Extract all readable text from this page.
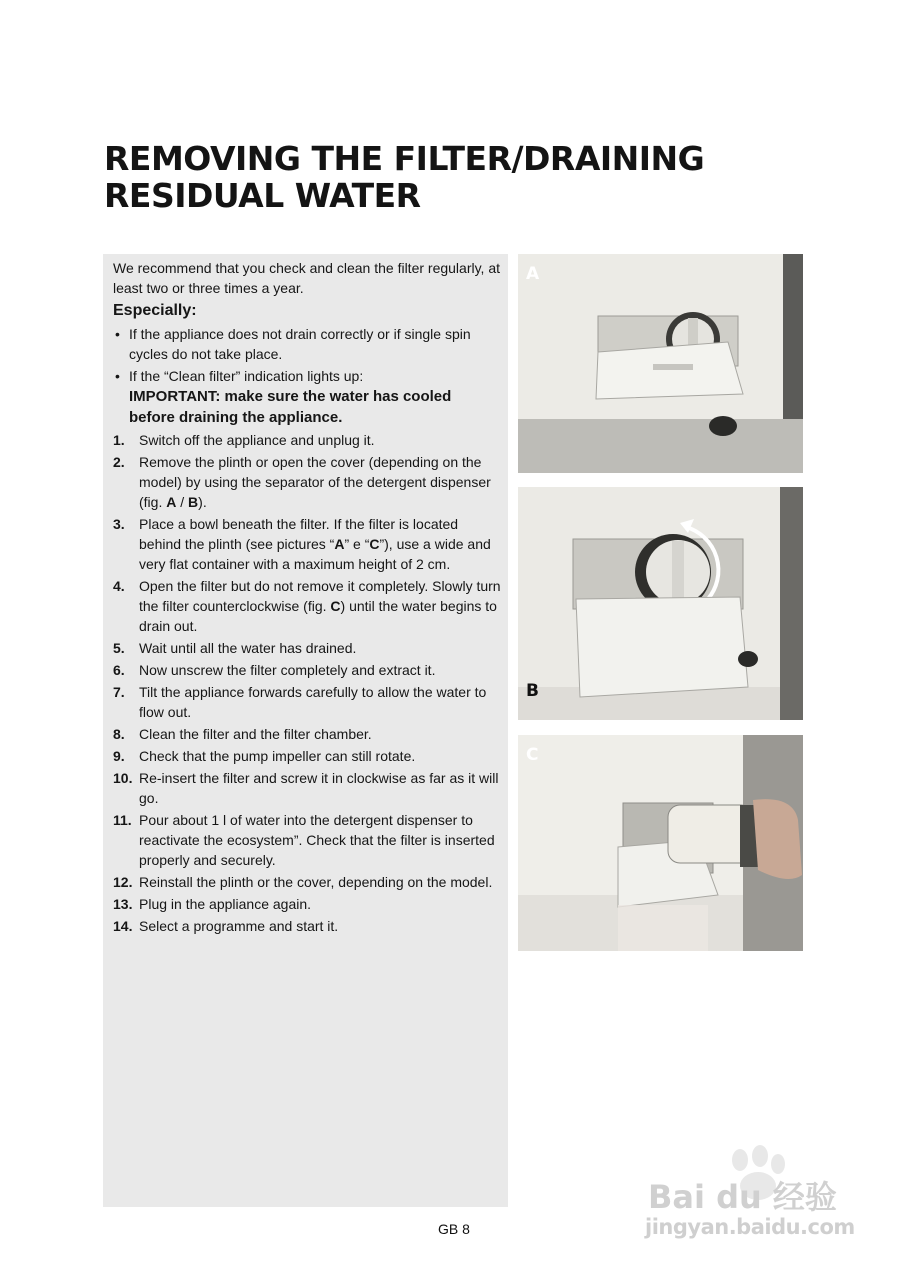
REMOVING THE FILTER/DRAINING
RESIDUAL WATER

We recommend that you check and clean the filter regularly, at least two or three times a year.

Especially:

• If the appliance does not drain correctly or if single spin cycles do not take place.
• If the “Clean filter” indication lights up:
IMPORTANT: make sure the water has cooled before draining the appliance.
1. Switch off the appliance and unplug it.
2. Remove the plinth or open the cover (depending on the model) by using the separator of the detergent dispenser (fig. A / B).
3. Place a bowl beneath the filter. If the filter is located behind the plinth (see pictures “A” e “C”), use a wide and very flat container with a maximum height of 2 cm.
4. Open the filter but do not remove it completely. Slowly turn the filter counterclockwise (fig. C) until the water begins to drain out.
5. Wait until all the water has drained.
6. Now unscrew the filter completely and extract it.
7. Tilt the appliance forwards carefully to allow the water to flow out.
8. Clean the filter and the filter chamber.
9. Check that the pump impeller can still rotate.
10. Re-insert the filter and screw it in clockwise as far as it will go.
11. Pour about 1 l of water into the detergent dispenser to reactivate the ecosystem”. Check that the filter is inserted properly and securely.
12. Reinstall the plinth or the cover, depending on the model.
13. Plug in the appliance again.
14. Select a programme and start it.
A
B
C
GB 8
Bai du 经验
jingyan.baidu.com
